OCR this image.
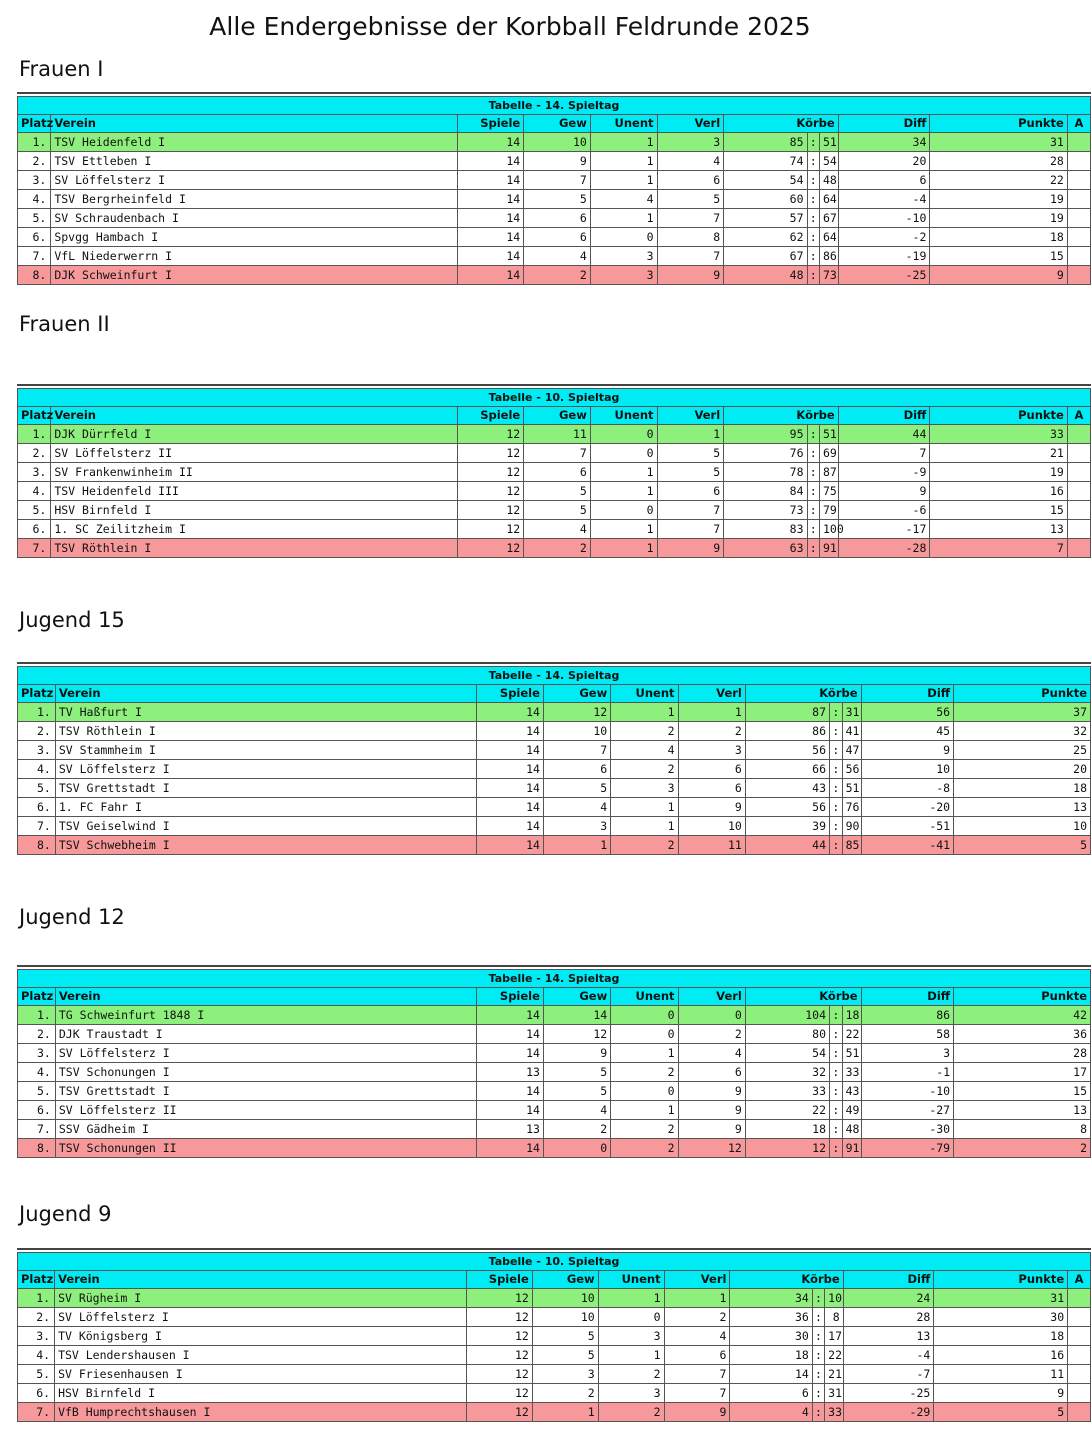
Alle Endergebnisse der Korbball Feldrunde 2025
Frauen I
Tabelle - 14. Spieltag											
Platz	Verein	Spiele	Gew	Unent	Verl	Körbe			Diff	Punkte	A
1.	TSV Heidenfeld I	14	10	1	3	85	:	51	34	31	
2.	TSV Ettleben I	14	9	1	4	74	:	54	20	28	
3.	SV Löffelsterz I	14	7	1	6	54	:	48	6	22	
4.	TSV Bergrheinfeld I	14	5	4	5	60	:	64	-4	19	
5.	SV Schraudenbach I	14	6	1	7	57	:	67	-10	19	
6.	Spvgg Hambach I	14	6	0	8	62	:	64	-2	18	
7.	VfL Niederwerrn I	14	4	3	7	67	:	86	-19	15	
8.	DJK Schweinfurt I	14	2	3	9	48	:	73	-25	9	
Frauen II
Tabelle - 10. Spieltag											
Platz	Verein	Spiele	Gew	Unent	Verl	Körbe			Diff	Punkte	A
1.	DJK Dürrfeld I	12	11	0	1	95	:	51	44	33	
2.	SV Löffelsterz II	12	7	0	5	76	:	69	7	21	
3.	SV Frankenwinheim II	12	6	1	5	78	:	87	-9	19	
4.	TSV Heidenfeld III	12	5	1	6	84	:	75	9	16	
5.	HSV Birnfeld I	12	5	0	7	73	:	79	-6	15	
6.	1. SC Zeilitzheim I	12	4	1	7	83	:	100	-17	13	
7.	TSV Röthlein I	12	2	1	9	63	:	91	-28	7	
Jugend 15
Tabelle - 14. Spieltag										
Platz	Verein	Spiele	Gew	Unent	Verl	Körbe			Diff	Punkte
1.	TV Haßfurt I	14	12	1	1	87	:	31	56	37
2.	TSV Röthlein I	14	10	2	2	86	:	41	45	32
3.	SV Stammheim I	14	7	4	3	56	:	47	9	25
4.	SV Löffelsterz I	14	6	2	6	66	:	56	10	20
5.	TSV Grettstadt I	14	5	3	6	43	:	51	-8	18
6.	1. FC Fahr I	14	4	1	9	56	:	76	-20	13
7.	TSV Geiselwind I	14	3	1	10	39	:	90	-51	10
8.	TSV Schwebheim I	14	1	2	11	44	:	85	-41	5
Jugend 12
Tabelle - 14. Spieltag										
Platz	Verein	Spiele	Gew	Unent	Verl	Körbe			Diff	Punkte
1.	TG Schweinfurt 1848 I	14	14	0	0	104	:	18	86	42
2.	DJK Traustadt I	14	12	0	2	80	:	22	58	36
3.	SV Löffelsterz I	14	9	1	4	54	:	51	3	28
4.	TSV Schonungen I	13	5	2	6	32	:	33	-1	17
5.	TSV Grettstadt I	14	5	0	9	33	:	43	-10	15
6.	SV Löffelsterz II	14	4	1	9	22	:	49	-27	13
7.	SSV Gädheim I	13	2	2	9	18	:	48	-30	8
8.	TSV Schonungen II	14	0	2	12	12	:	91	-79	2
Jugend 9
Tabelle - 10. Spieltag											
Platz	Verein	Spiele	Gew	Unent	Verl	Körbe			Diff	Punkte	A
1.	SV Rügheim I	12	10	1	1	34	:	10	24	31	
2.	SV Löffelsterz I	12	10	0	2	36	:	8	28	30	
3.	TV Königsberg I	12	5	3	4	30	:	17	13	18	
4.	TSV Lendershausen I	12	5	1	6	18	:	22	-4	16	
5.	SV Friesenhausen I	12	3	2	7	14	:	21	-7	11	
6.	HSV Birnfeld I	12	2	3	7	6	:	31	-25	9	
7.	VfB Humprechtshausen I	12	1	2	9	4	:	33	-29	5	
